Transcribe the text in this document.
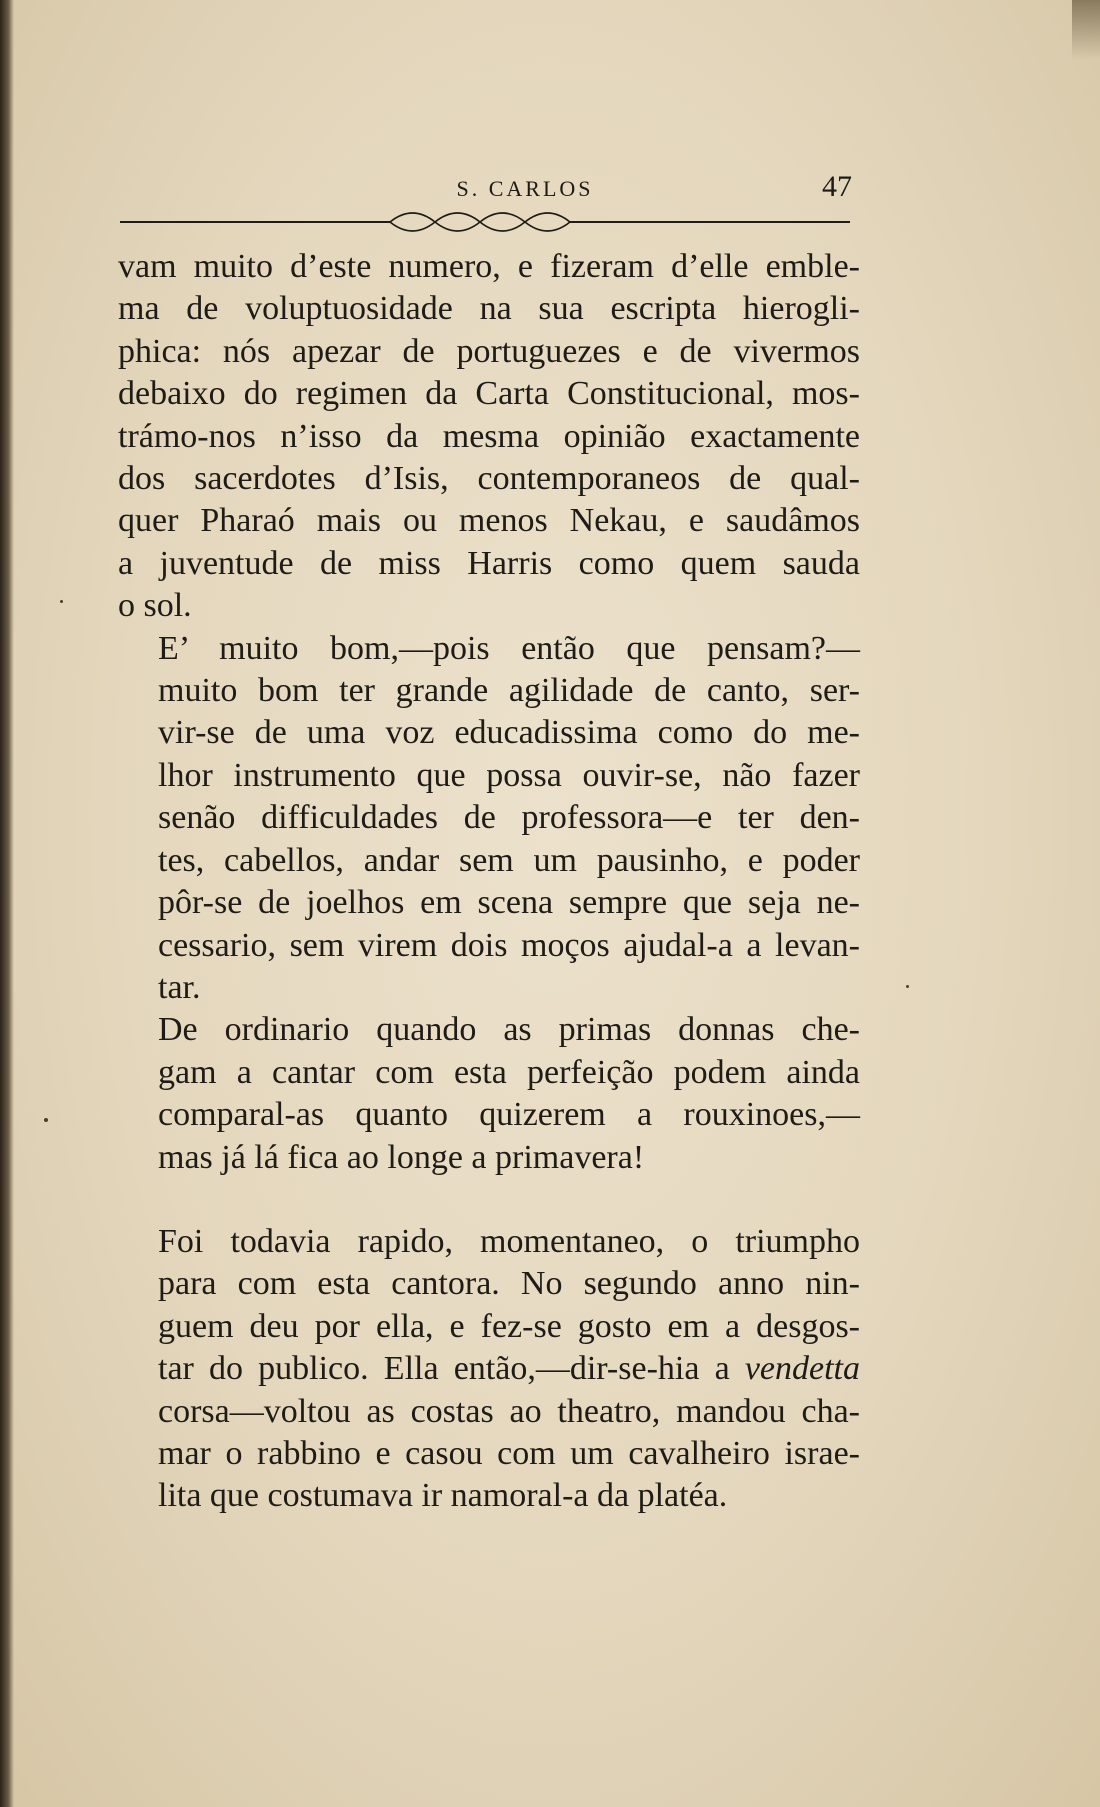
S. CARLOS	47

vam muito d’este numero, e fizeram d’elle emble-
ma de voluptuosidade na sua escripta hierogli-
phica: nós apezar de portuguezes e de vivermos
debaixo do regimen da Carta Constitucional, mos-
trámo-nos n’isso da mesma opinião exactamente
dos sacerdotes d’Isis, contemporaneos de qual-
quer Pharaó mais ou menos Nekau, e saudâmos
a juventude de miss Harris como quem sauda
o sol.

E’ muito bom,—pois então que pensam?—
muito bom ter grande agilidade de canto, ser-
vir-se de uma voz educadissima como do me-
lhor instrumento que possa ouvir-se, não fazer
senão difficuldades de professora—e ter den-
tes, cabellos, andar sem um pausinho, e poder
pôr-se de joelhos em scena sempre que seja ne-
cessario, sem virem dois moços ajudal-a a levan-
tar.

De ordinario quando as primas donnas che-
gam a cantar com esta perfeição podem ainda
comparal-as quanto quizerem a rouxinoes,—
mas já lá fica ao longe a primavera!

Foi todavia rapido, momentaneo, o triumpho
para com esta cantora. No segundo anno nin-
guem deu por ella, e fez-se gosto em a desgos-
tar do publico. Ella então,—dir-se-hia a vendetta
corsa—voltou as costas ao theatro, mandou cha-
mar o rabbino e casou com um cavalheiro israe-
lita que costumava ir namoral-a da platéa.
